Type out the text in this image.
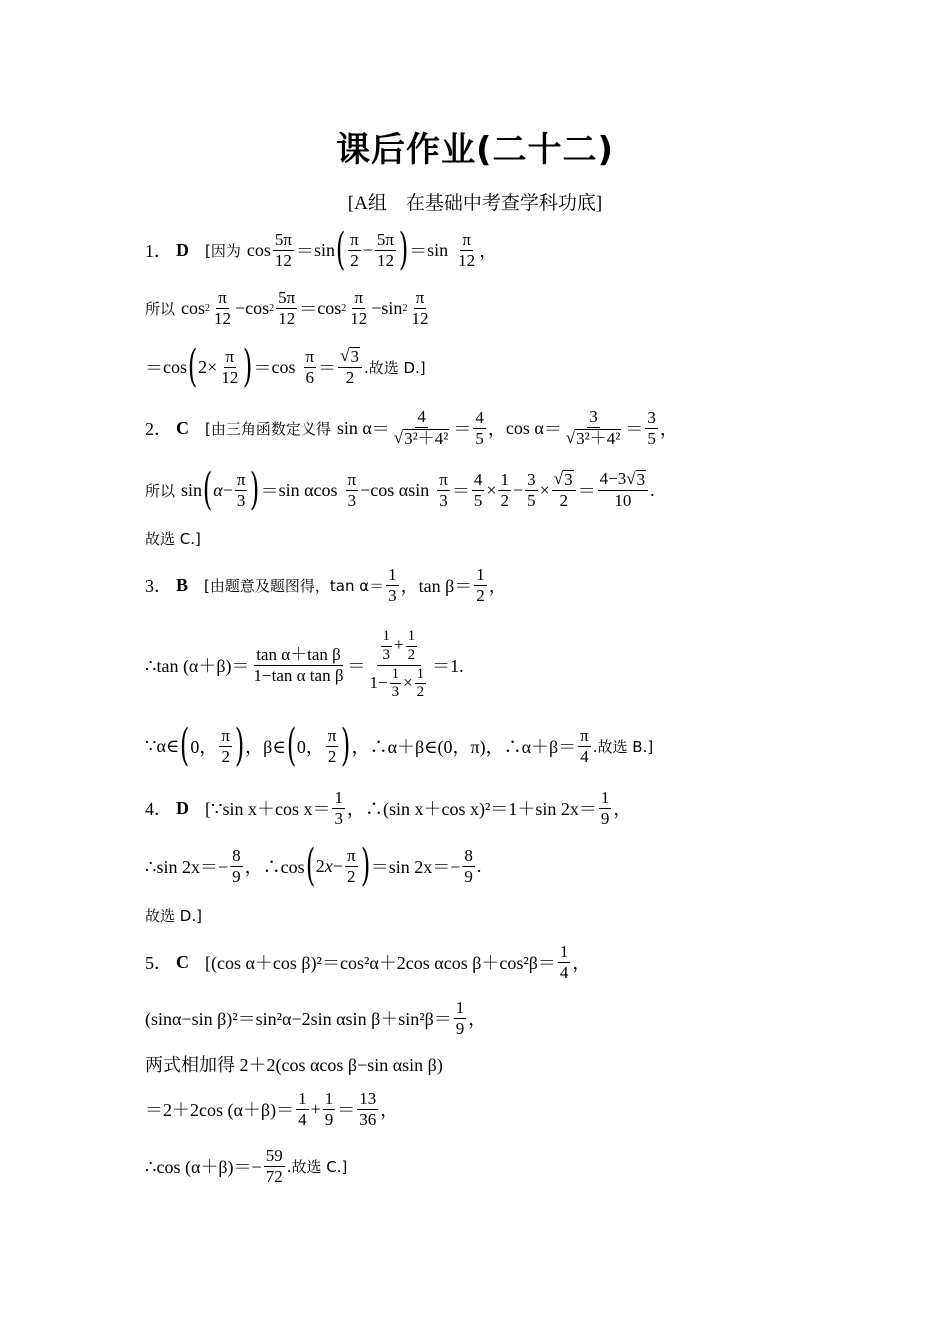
课后作业(二十二)
[A组　在基础中考查学科功底]
1． D [因为 $\cos \frac{5\pi}{12} = \sin$ ( $\frac{\pi}{2} - \frac{5\pi}{12}$ ) ＝ $\sin \frac{\pi}{12}$ ，
所以 $\cos 2 \frac{\pi}{12} - \cos 2 \frac{5\pi}{12} = \cos 2 \frac{\pi}{12} - \sin 2 \frac{\pi}{12}$
＝ cos ( $2 \times \frac{\pi}{12}$ ) ＝ $\cos \frac{\pi}{6} = \frac{√ 3}{2}$ .故选 D.]
2． C [由三角函数定义得 $\sin \alpha = \frac{4}{\text{√ 3²＋4²}} = \frac{4}{5}$ ， $\cos \alpha = \frac{3}{\text{√ 3²＋4²}} = \frac{3}{5}$ ，
所以 sin ( $\alpha - \frac{\pi}{3}$ ) ＝ sin α $\cos \frac{\pi}{3} - \cos \alpha$ $\sin \frac{\pi}{3} = \frac{4}{5} \times \frac{1}{2} - \frac{3}{5} \times \frac{√ 3}{2} = \frac{4-3 √ 3}{10}$ .
故选 C.]
3． B [由题意及题图得，$\tan \alpha= \frac{1}{3}$ ，$\tan \beta= \frac{1}{2}$ ，
∴tan $(\alpha+\beta)= \frac{\text{tan α＋tan β}}{\text{1−tan α tan β}} = \frac{\frac{1}{3} + \frac{1}{2}}{1- \frac{1}{3} \times \frac{1}{2}} =1$.
∵α∈ ( 0， $\frac{\pi}{2}$ ) ，β∈ ( 0， $\frac{\pi}{2}$ ) ，∴α＋β∈(0，π)，∴α＋β＝ $\frac{\pi}{4}$ .故选 B.]
4． D [∵sin x＋cos $x= \frac{1}{3}$ ，∴(sin x＋cos x)²＝1＋sin $2x= \frac{1}{9}$ ，
∴sin $2x=- \frac{8}{9}$ ，∴cos ( $2x - \frac{\pi}{2}$ ) ＝sin $2x=- \frac{8}{9}$ .
故选 D.]
5． C [(cos α＋cos β)²＝cos²α＋2cos αcos $\beta+\cos^2\beta= \frac{1}{4}$ ，
(sinα−sin β)²＝sin²α−2sin αsin $\beta+\sin^2\beta= \frac{1}{9}$ ，
两式相加得 2＋2(cos αcos β−sin αsin β)
＝2＋2cos $(\alpha+\beta)= \frac{1}{4} + \frac{1}{9} = \frac{13}{36}$ ，
∴cos $(\alpha+\beta)=- \frac{59}{72}$ .故选 C.]
